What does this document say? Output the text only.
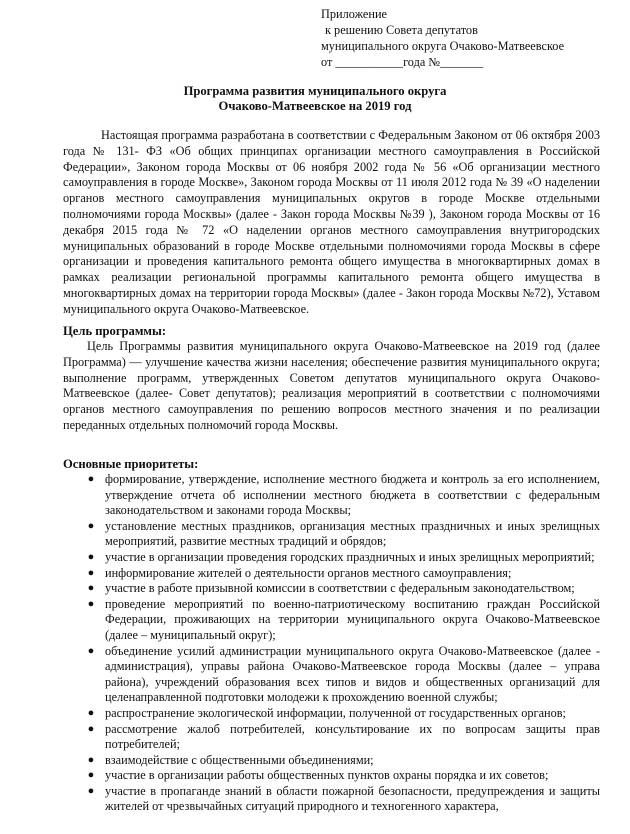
Приложение
к решению Совета депутатов
муниципального округа Очаково-Матвеевское
от ___________года №_______
Программа развития муниципального округа
Очаково-Матвеевское на 2019 год

Настоящая программа разработана в соответствии с Федеральным Законом от 06 октября 2003 года № 131- ФЗ «Об общих принципах организации местного самоуправления в Российской Федерации», Законом города Москвы от 06 ноября 2002 года № 56 «Об организации местного самоуправления в городе Москве», Законом города Москвы от 11 июля 2012 года № 39 «О наделении органов местного самоуправления муниципальных округов в городе Москве отдельными полномочиями города Москвы» (далее - Закон города Москвы №39 ), Законом города Москвы от 16 декабря 2015 года № 72 «О наделении органов местного самоуправления внутригородских муниципальных образований в городе Москве отдельными полномочиями города Москвы в сфере организации и проведения капитального ремонта общего имущества в многоквартирных домах в рамках реализации региональной программы капитального ремонта общего имущества в многоквартирных домах на территории города Москвы» (далее - Закон города Москвы №72), Уставом муниципального округа Очаково-Матвеевское.

Цель программы:

Цель Программы развития муниципального округа Очаково-Матвеевское на 2019 год (далее Программа) — улучшение качества жизни населения; обеспечение развития муниципального округа; выполнение программ, утвержденных Советом депутатов муниципального округа Очаково-Матвеевское (далее- Совет депутатов); реализация мероприятий в соответствии с полномочиями органов местного самоуправления по решению вопросов местного значения и по реализации переданных отдельных полномочий города Москвы.

Основные приоритеты:

● формирование, утверждение, исполнение местного бюджета и контроль за его исполнением, утверждение отчета об исполнении местного бюджета в соответствии с федеральным законодательством и законами города Москвы;
● установление местных праздников, организация местных праздничных и иных зрелищных мероприятий, развитие местных традиций и обрядов;
● участие в организации проведения городских праздничных и иных зрелищных мероприятий;
● информирование жителей о деятельности органов местного самоуправления;
● участие в работе призывной комиссии в соответствии с федеральным законодательством;
● проведение мероприятий по военно-патриотическому воспитанию граждан Российской Федерации, проживающих на территории муниципального округа Очаково-Матвеевское (далее – муниципальный округ);
● объединение усилий администрации муниципального округа Очаково-Матвеевское (далее - администрация), управы района Очаково-Матвеевское города Москвы (далее – управа района), учреждений образования всех типов и видов и общественных организаций для целенаправленной подготовки молодежи к прохождению военной службы;
● распространение экологической информации, полученной от государственных органов;
● рассмотрение жалоб потребителей, консультирование их по вопросам защиты прав потребителей;
● взаимодействие с общественными объединениями;
● участие в организации работы общественных пунктов охраны порядка и их советов;
● участие в пропаганде знаний в области пожарной безопасности, предупреждения и защиты жителей от чрезвычайных ситуаций природного и техногенного характера,
